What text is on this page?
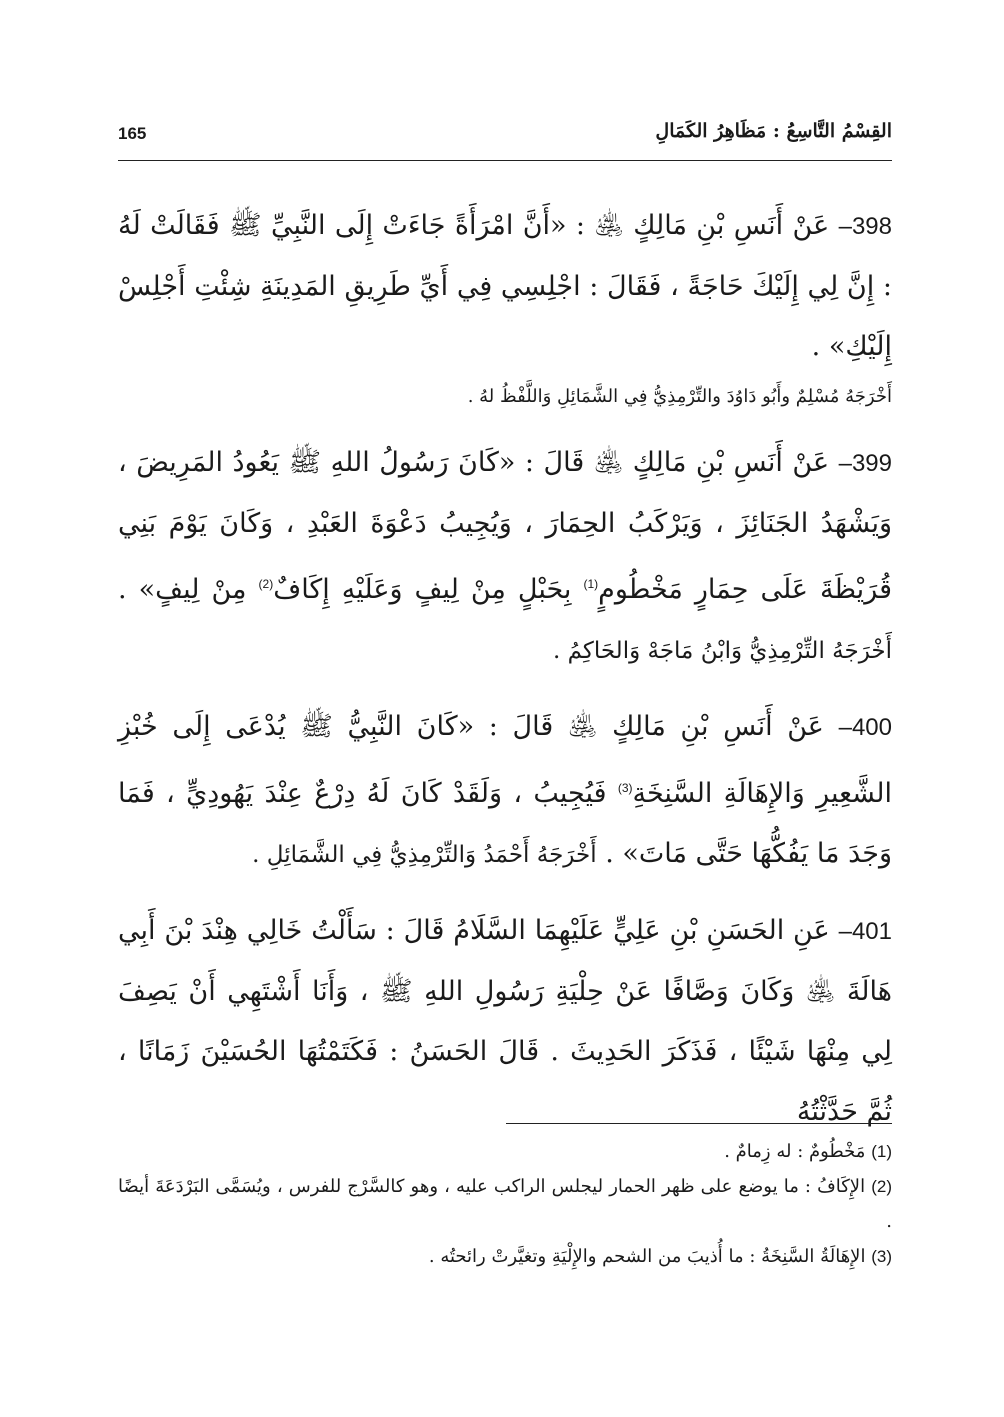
165	القِسْمُ التَّاسِعُ : مَظَاهِرُ الكَمَالِ

398– عَنْ أَنَسِ بْنِ مَالِكٍ ﵁ : «أَنَّ امْرَأَةً جَاءَتْ إِلَى النَّبِيِّ ﷺ فَقَالَتْ لَهُ : إِنَّ لِي إِلَيْكَ حَاجَةً ، فَقَالَ : اجْلِسِي فِي أَيِّ طَرِيقِ المَدِينَةِ شِئْتِ أَجْلِسْ إِلَيْكِ» .

أَخْرَجَهُ مُسْلِمٌ وأَبُو دَاوُدَ والتِّرْمِذِيُّ فِي الشَّمَائِلِ وَاللَّفْظُ لهُ .

399– عَنْ أَنَسِ بْنِ مَالِكٍ ﵁ قَالَ : «كَانَ رَسُولُ اللهِ ﷺ يَعُودُ المَرِيضَ ، وَيَشْهَدُ الجَنَائِزَ ، وَيَرْكَبُ الحِمَارَ ، وَيُجِيبُ دَعْوَةَ العَبْدِ ، وَكَانَ يَوْمَ بَنِي قُرَيْظَةَ عَلَى حِمَارٍ مَخْطُومٍ$^{(1)}$ بِحَبْلٍ مِنْ لِيفٍ وَعَلَيْهِ إِكَافٌ$^{(2)}$ مِنْ لِيفٍ» . أَخْرَجَهُ التِّرْمِذِيُّ وَابْنُ مَاجَهْ وَالحَاكِمُ .

400– عَنْ أَنَسِ بْنِ مَالِكٍ ﵁ قَالَ : «كَانَ النَّبِيُّ ﷺ يُدْعَى إِلَى خُبْزِ الشَّعِيرِ وَالإِهَالَةِ السَّنِخَةِ$^{(3)}$ فَيُجِيبُ ، وَلَقَدْ كَانَ لَهُ دِرْعٌ عِنْدَ يَهُودِيٍّ ، فَمَا وَجَدَ مَا يَفُكُّهَا حَتَّى مَاتَ» . أَخْرَجَهُ أَحْمَدُ وَالتِّرْمِذِيُّ فِي الشَّمَائِلِ .

401– عَنِ الحَسَنِ بْنِ عَلِيٍّ عَلَيْهِمَا السَّلَامُ قَالَ : سَأَلْتُ خَالِي هِنْدَ بْنَ أَبِي هَالَةَ ﵁ وَكَانَ وَصَّافًا عَنْ حِلْيَةِ رَسُولِ اللهِ ﷺ ، وَأَنَا أَشْتَهِي أَنْ يَصِفَ لِي مِنْهَا شَيْئًا ، فَذَكَرَ الحَدِيثَ . قَالَ الحَسَنُ : فَكَتَمْتُهَا الحُسَيْنَ زَمَانًا ، ثُمَّ حَدَّثْتُهُ

(1) مَخْطُومٌ : له زِمامٌ .

(2) الإِكَافُ : ما يوضع على ظهر الحمار ليجلس الراكب عليه ، وهو كالسَّرْج للفرس ، ويُسَمَّى البَرْدَعَةَ أيضًا .

(3) الإِهَالَةُ السَّنِخَةُ : ما أُذيبَ من الشحم والإِلْيَةِ وتغيَّرتْ رائحتُه .
